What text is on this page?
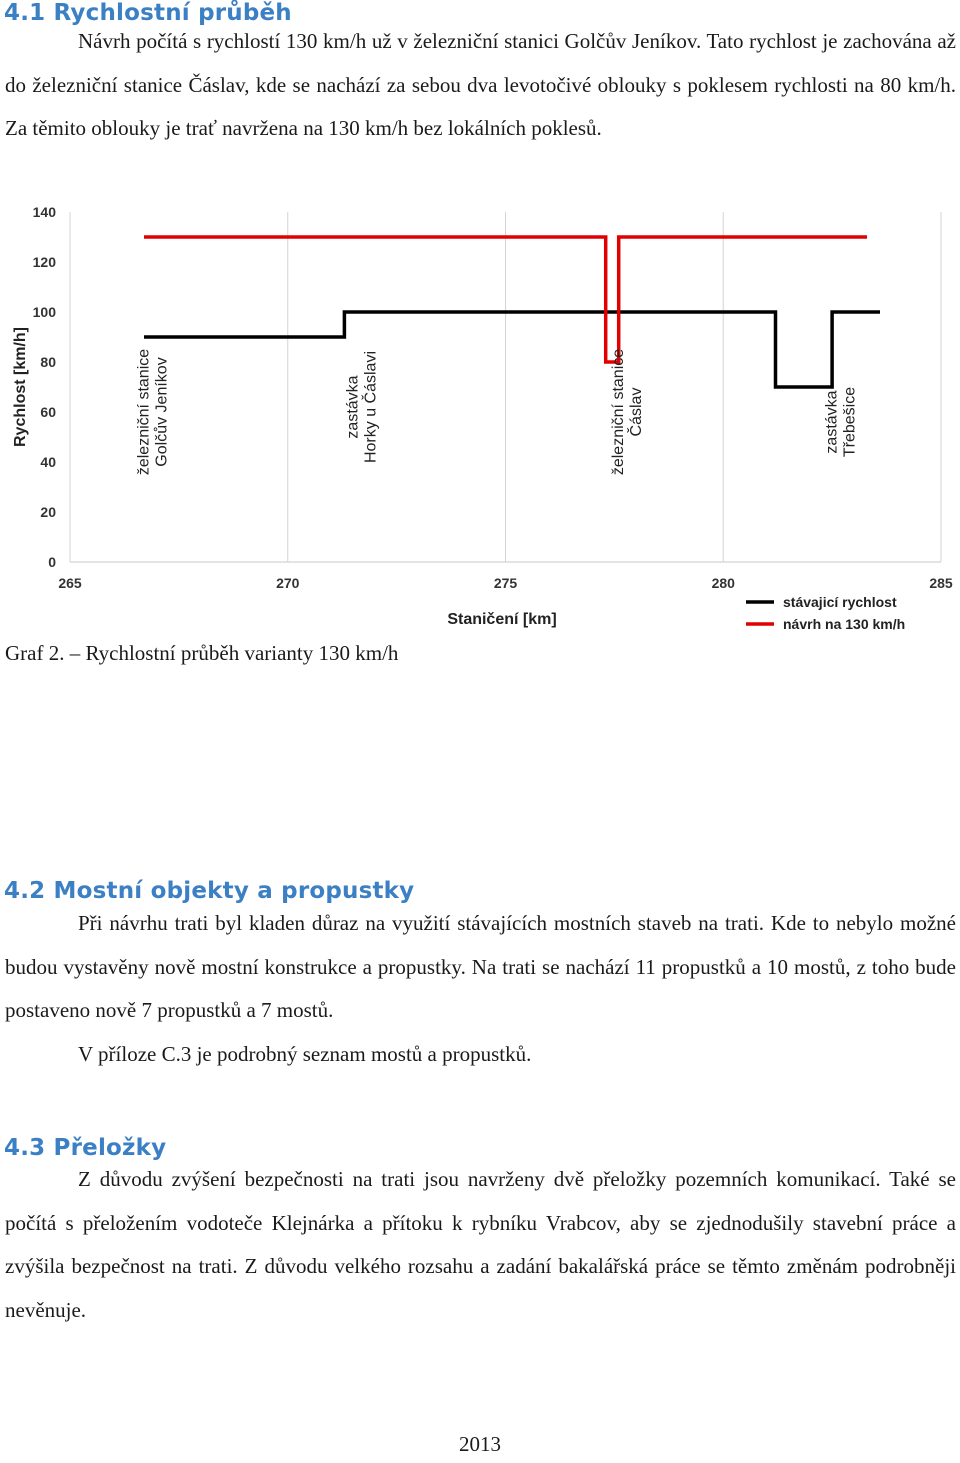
4.1 Rychlostní průběh

Návrh počítá s rychlostí 130 km/h už v železniční stanici Golčův Jeníkov. Tato rychlost je zachována až do železniční stanice Čáslav, kde se nachází za sebou dva levotočivé oblouky s poklesem rychlosti na 80 km/h. Za těmito oblouky je trať navržena na 130 km/h bez lokálních poklesů.

0
20
40
60
80
100
120
140
265	270	275	280	285
železniční stanice Golčův Jeníkov	zastávka Horky u Čáslavi	železniční stanice Čáslav	zastávka Třebešice
Rychlost [km/h]
Staničení [km]
stávajicí rychlost
návrh na 130 km/h

Graf 2. – Rychlostní průběh varianty 130 km/h

4.2 Mostní objekty a propustky

Při návrhu trati byl kladen důraz na využití stávajících mostních staveb na trati. Kde to nebylo možné budou vystavěny nově mostní konstrukce a propustky. Na trati se nachází 11 propustků a 10 mostů, z toho bude postaveno nově 7 propustků a 7 mostů.

V příloze C.3 je podrobný seznam mostů a propustků.

4.3 Přeložky

Z důvodu zvýšení bezpečnosti na trati jsou navrženy dvě přeložky pozemních komunikací. Také se počítá s přeložením vodoteče Klejnárka a přítoku k rybníku Vrabcov, aby se zjednodušily stavební práce a zvýšila bezpečnost na trati. Z důvodu velkého rozsahu a zadání bakalářská práce se těmto změnám podrobněji nevěnuje.

2013
